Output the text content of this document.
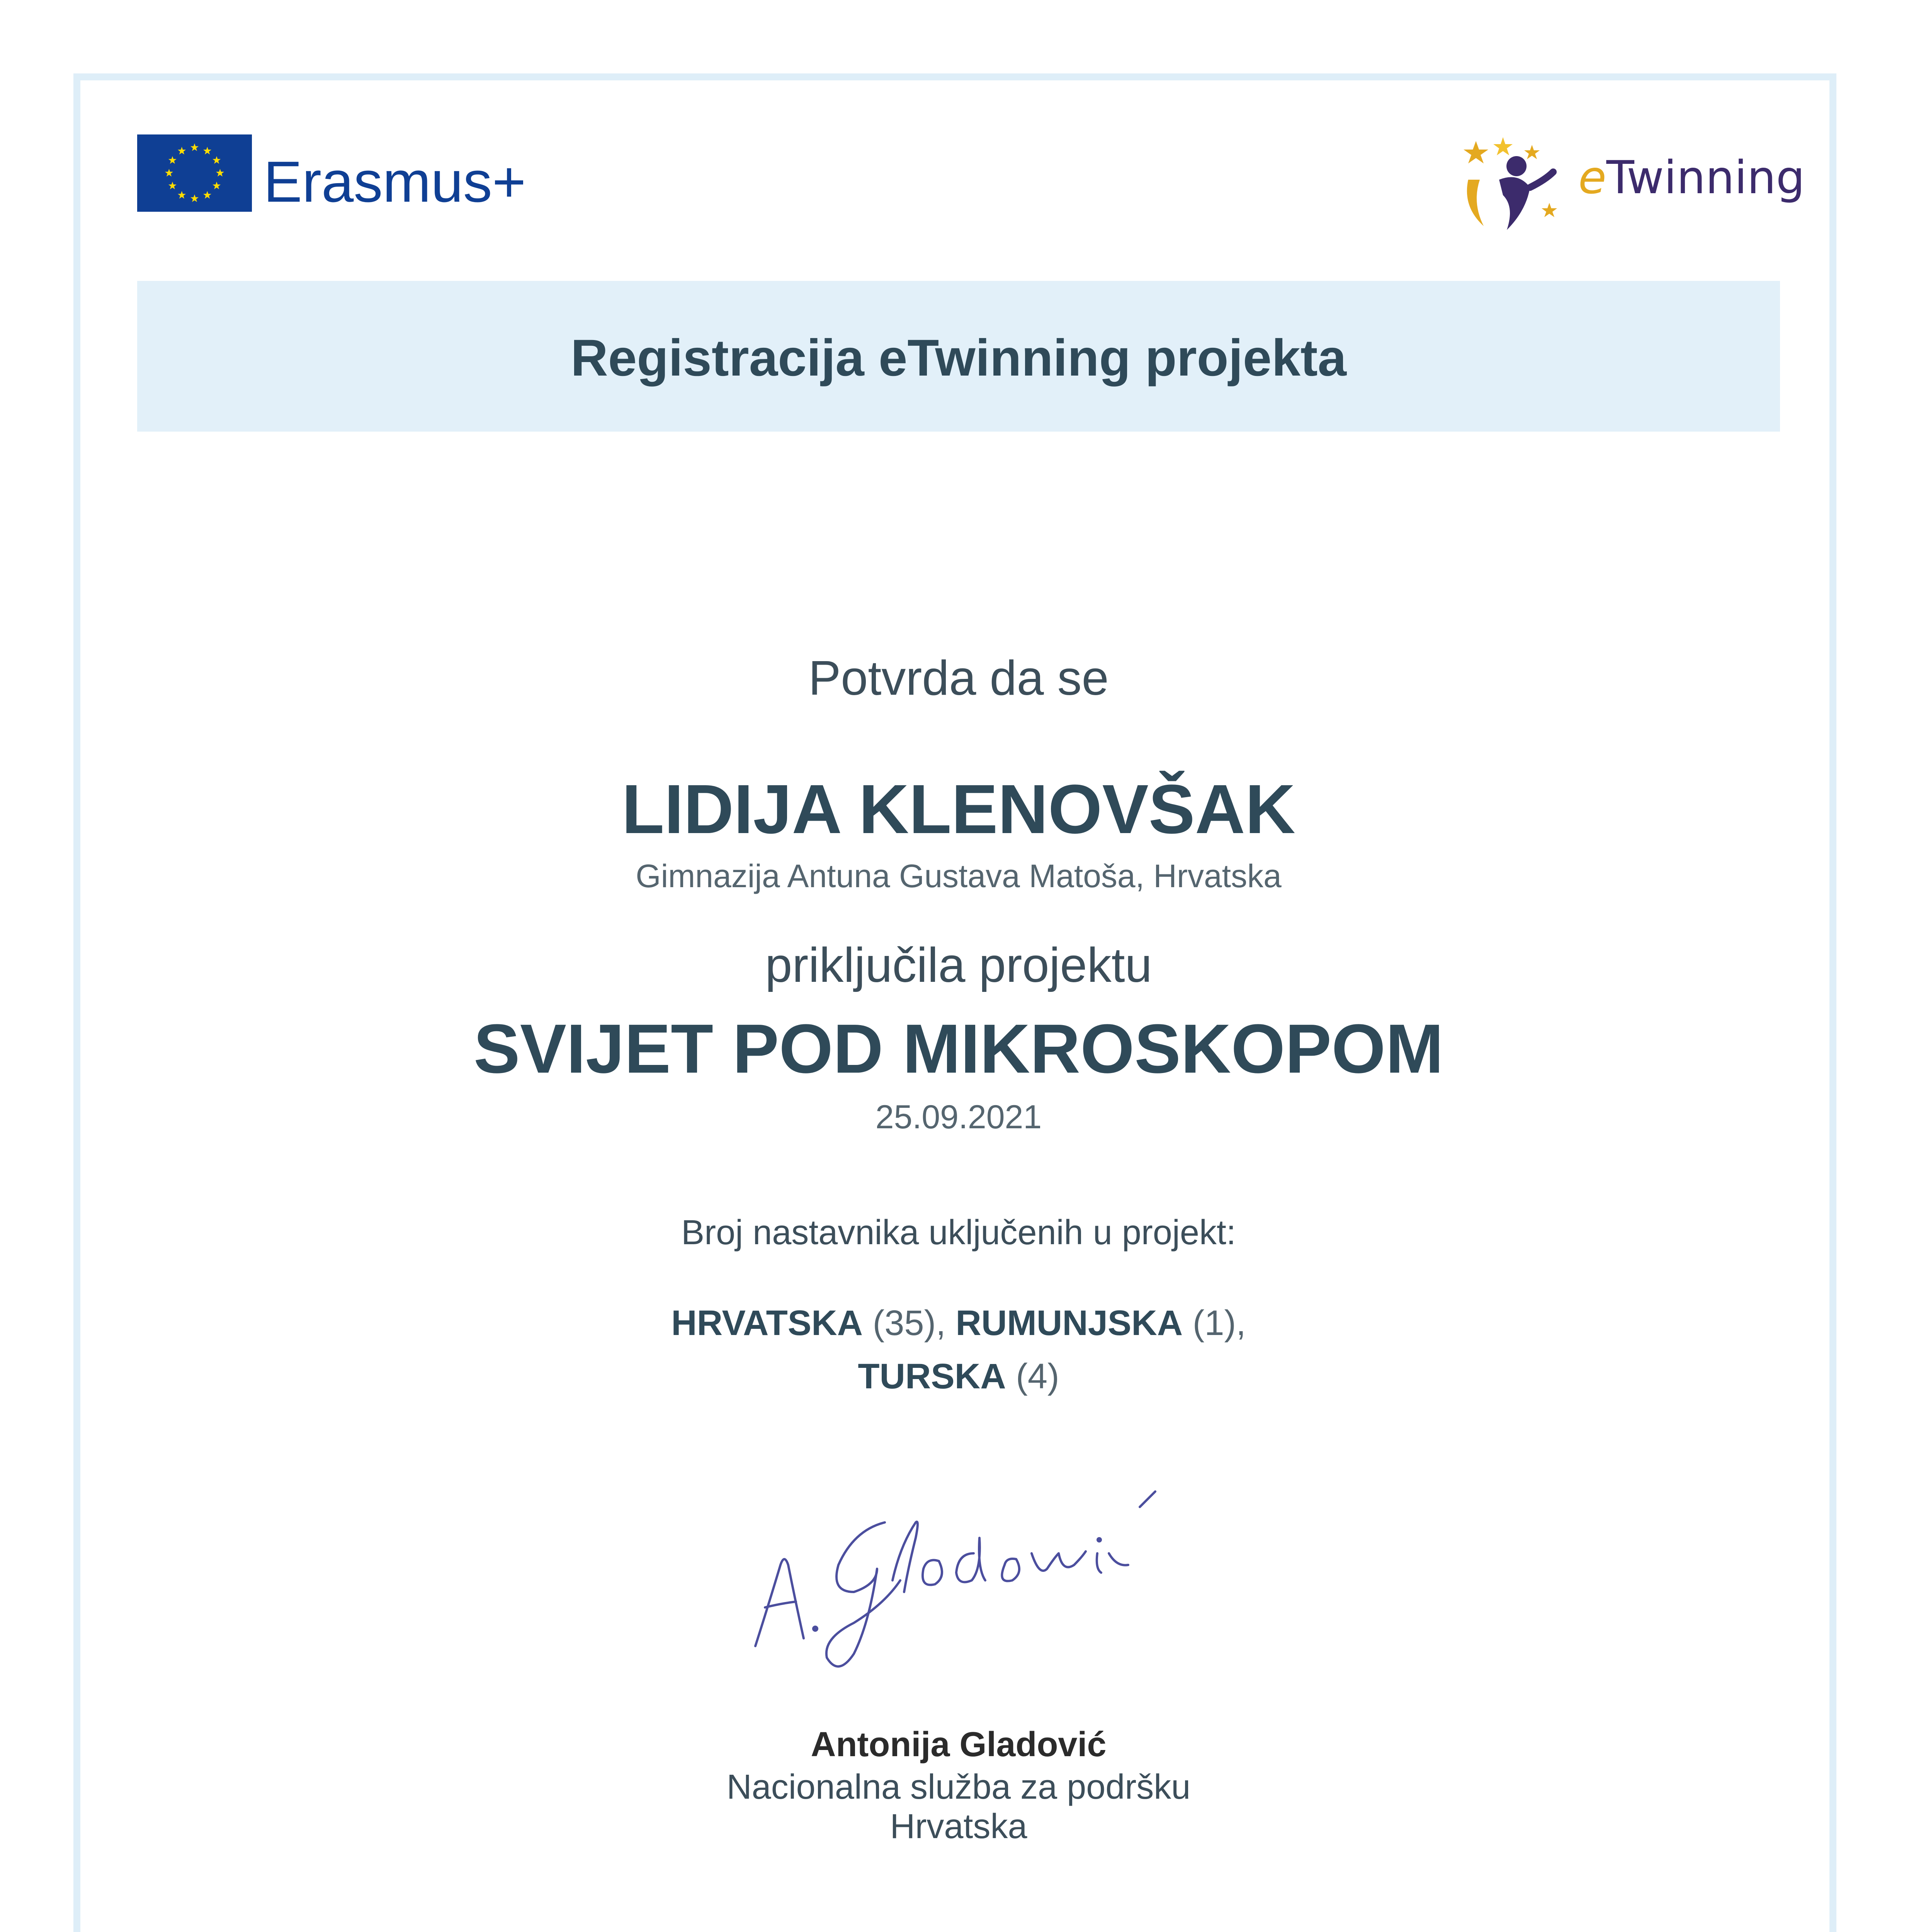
Erasmus+	eTwinning
Registracija eTwinning projekta
Potvrda da se
LIDIJA KLENOVŠAK
Gimnazija Antuna Gustava Matoša, Hrvatska
priključila projektu
SVIJET POD MIKROSKOPOM
25.09.2021
Broj nastavnika uključenih u projekt:
HRVATSKA (35), RUMUNJSKA (1),
TURSKA (4)
Antonija Gladović
Nacionalna služba za podršku
Hrvatska
